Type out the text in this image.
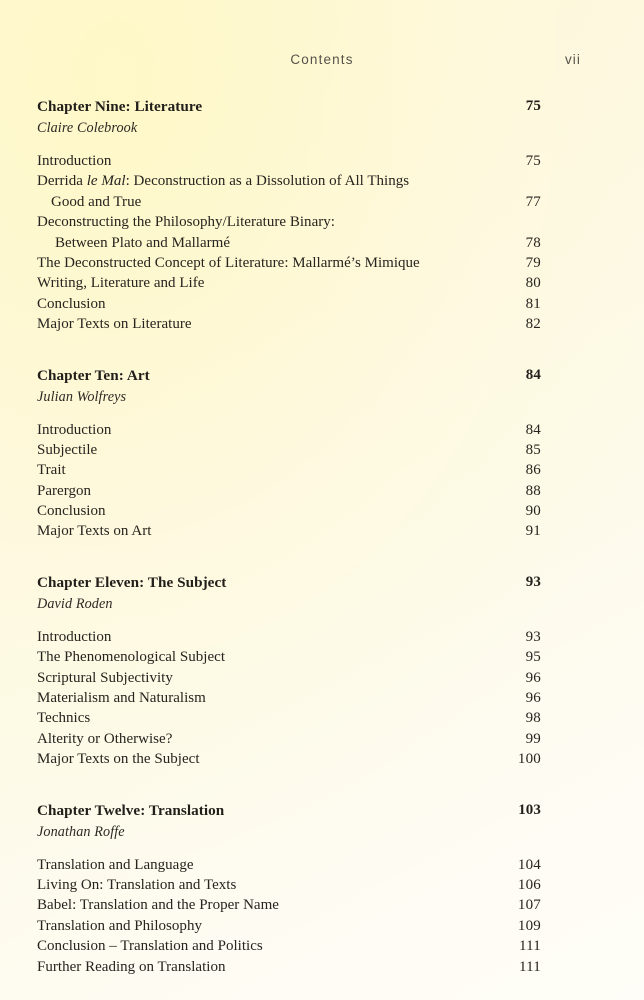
Contents	vii
Chapter Nine: Literature	75
Claire Colebrook
Introduction	75
Derrida le Mal: Deconstruction as a Dissolution of All Things
Good and True	77
Deconstructing the Philosophy/Literature Binary:
Between Plato and Mallarmé	78
The Deconstructed Concept of Literature: Mallarmé’s Mimique	79
Writing, Literature and Life	80
Conclusion	81
Major Texts on Literature	82
Chapter Ten: Art	84
Julian Wolfreys
Introduction	84
Subjectile	85
Trait	86
Parergon	88
Conclusion	90
Major Texts on Art	91
Chapter Eleven: The Subject	93
David Roden
Introduction	93
The Phenomenological Subject	95
Scriptural Subjectivity	96
Materialism and Naturalism	96
Technics	98
Alterity or Otherwise?	99
Major Texts on the Subject	100
Chapter Twelve: Translation	103
Jonathan Roffe
Translation and Language	104
Living On: Translation and Texts	106
Babel: Translation and the Proper Name	107
Translation and Philosophy	109
Conclusion – Translation and Politics	111
Further Reading on Translation	111
